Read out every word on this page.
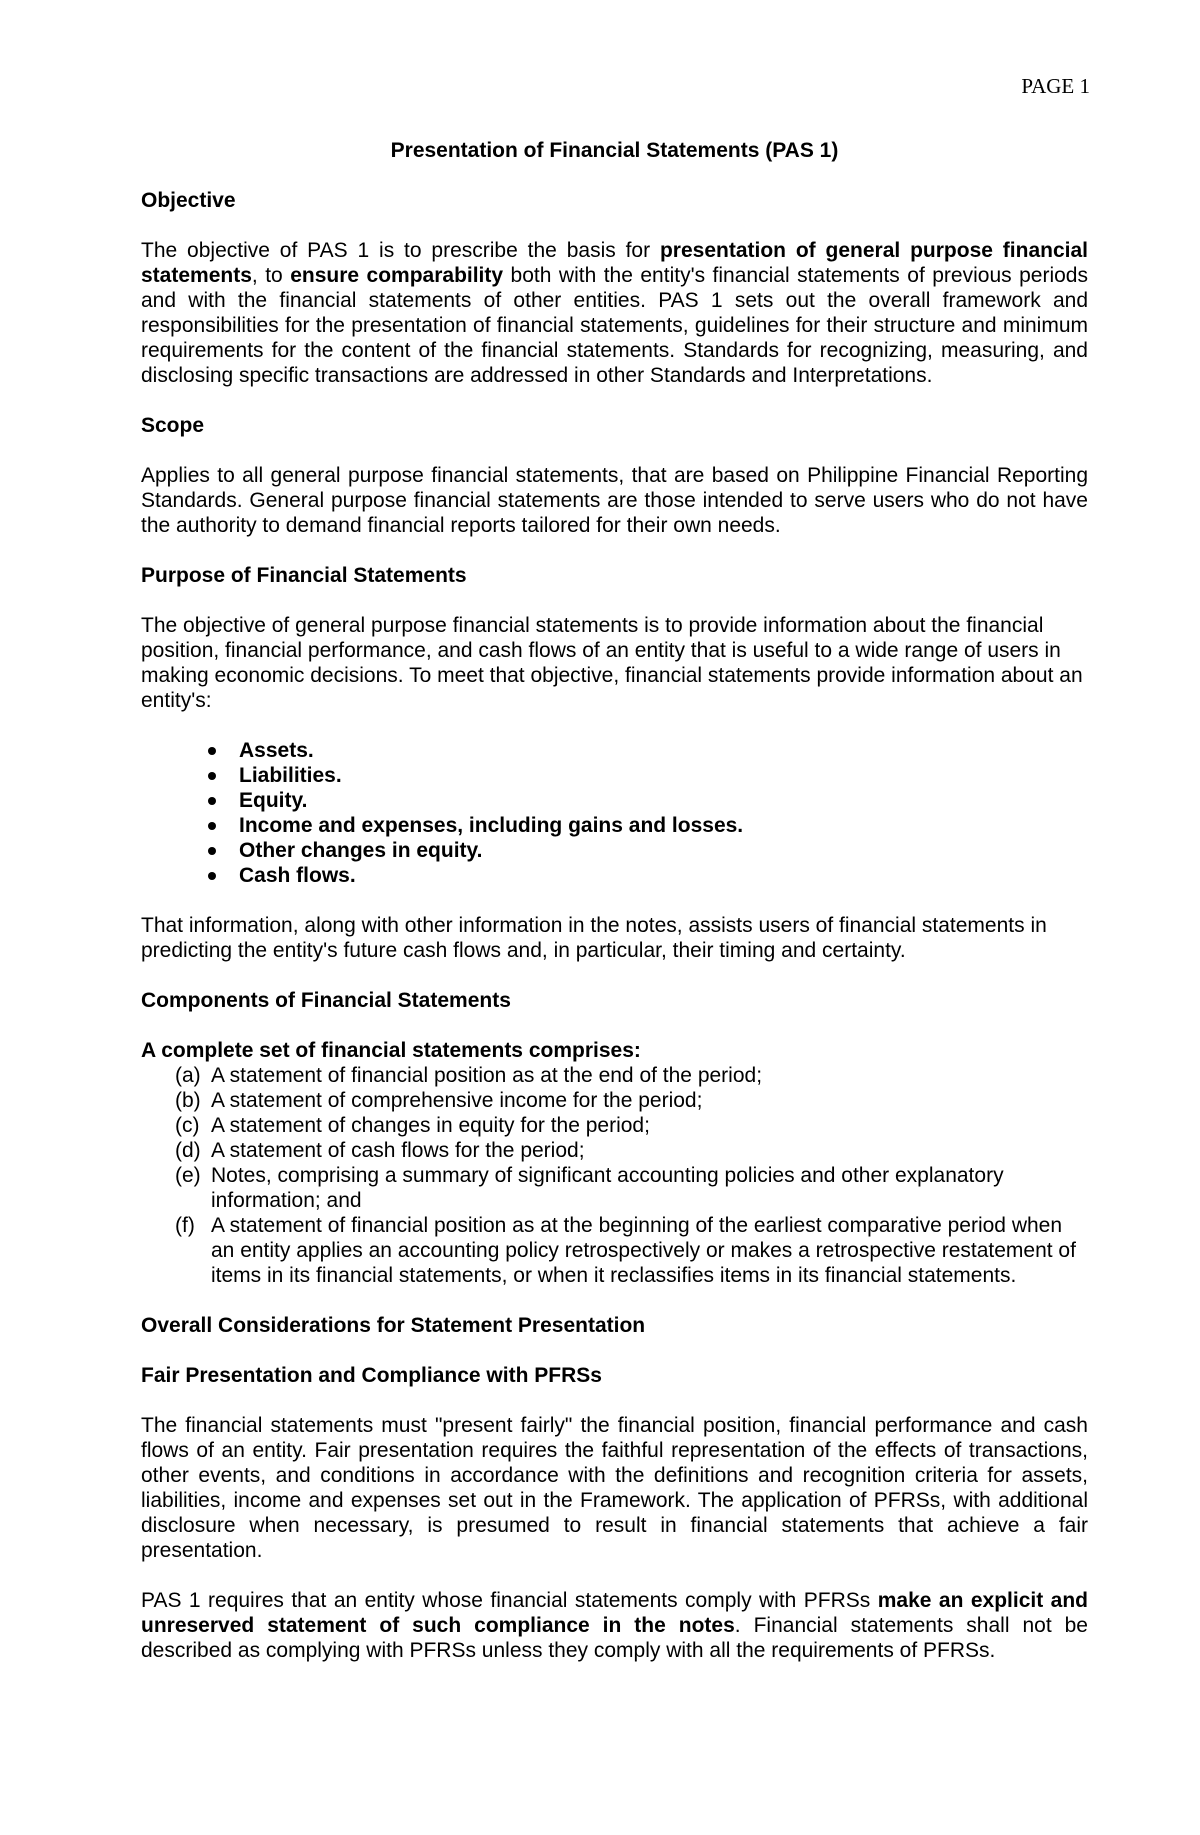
PAGE 1
Presentation of Financial Statements (PAS 1)
Objective

The objective of PAS 1 is to prescribe the basis for presentation of general purpose financial statements, to ensure comparability both with the entity's financial statements of previous periods and with the financial statements of other entities. PAS 1 sets out the overall framework and responsibilities for the presentation of financial statements, guidelines for their structure and minimum requirements for the content of the financial statements. Standards for recognizing, measuring, and disclosing specific transactions are addressed in other Standards and Interpretations.

Scope

Applies to all general purpose financial statements, that are based on Philippine Financial Reporting Standards. General purpose financial statements are those intended to serve users who do not have the authority to demand financial reports tailored for their own needs.

Purpose of Financial Statements

The objective of general purpose financial statements is to provide information about the financial position, financial performance, and cash flows of an entity that is useful to a wide range of users in making economic decisions. To meet that objective, financial statements provide information about an entity's:

Assets.
Liabilities.
Equity.
Income and expenses, including gains and losses.
Other changes in equity.
Cash flows.

That information, along with other information in the notes, assists users of financial statements in predicting the entity's future cash flows and, in particular, their timing and certainty.

Components of Financial Statements
A complete set of financial statements comprises:
(a) A statement of financial position as at the end of the period;
(b) A statement of comprehensive income for the period;
(c) A statement of changes in equity for the period;
(d) A statement of cash flows for the period;
(e) Notes, comprising a summary of significant accounting policies and other explanatory information; and
(f) A statement of financial position as at the beginning of the earliest comparative period when an entity applies an accounting policy retrospectively or makes a retrospective restatement of items in its financial statements, or when it reclassifies items in its financial statements.
Overall Considerations for Statement Presentation
Fair Presentation and Compliance with PFRSs

The financial statements must "present fairly" the financial position, financial performance and cash flows of an entity. Fair presentation requires the faithful representation of the effects of transactions, other events, and conditions in accordance with the definitions and recognition criteria for assets, liabilities, income and expenses set out in the Framework. The application of PFRSs, with additional disclosure when necessary, is presumed to result in financial statements that achieve a fair presentation.

PAS 1 requires that an entity whose financial statements comply with PFRSs make an explicit and unreserved statement of such compliance in the notes. Financial statements shall not be described as complying with PFRSs unless they comply with all the requirements of PFRSs.
